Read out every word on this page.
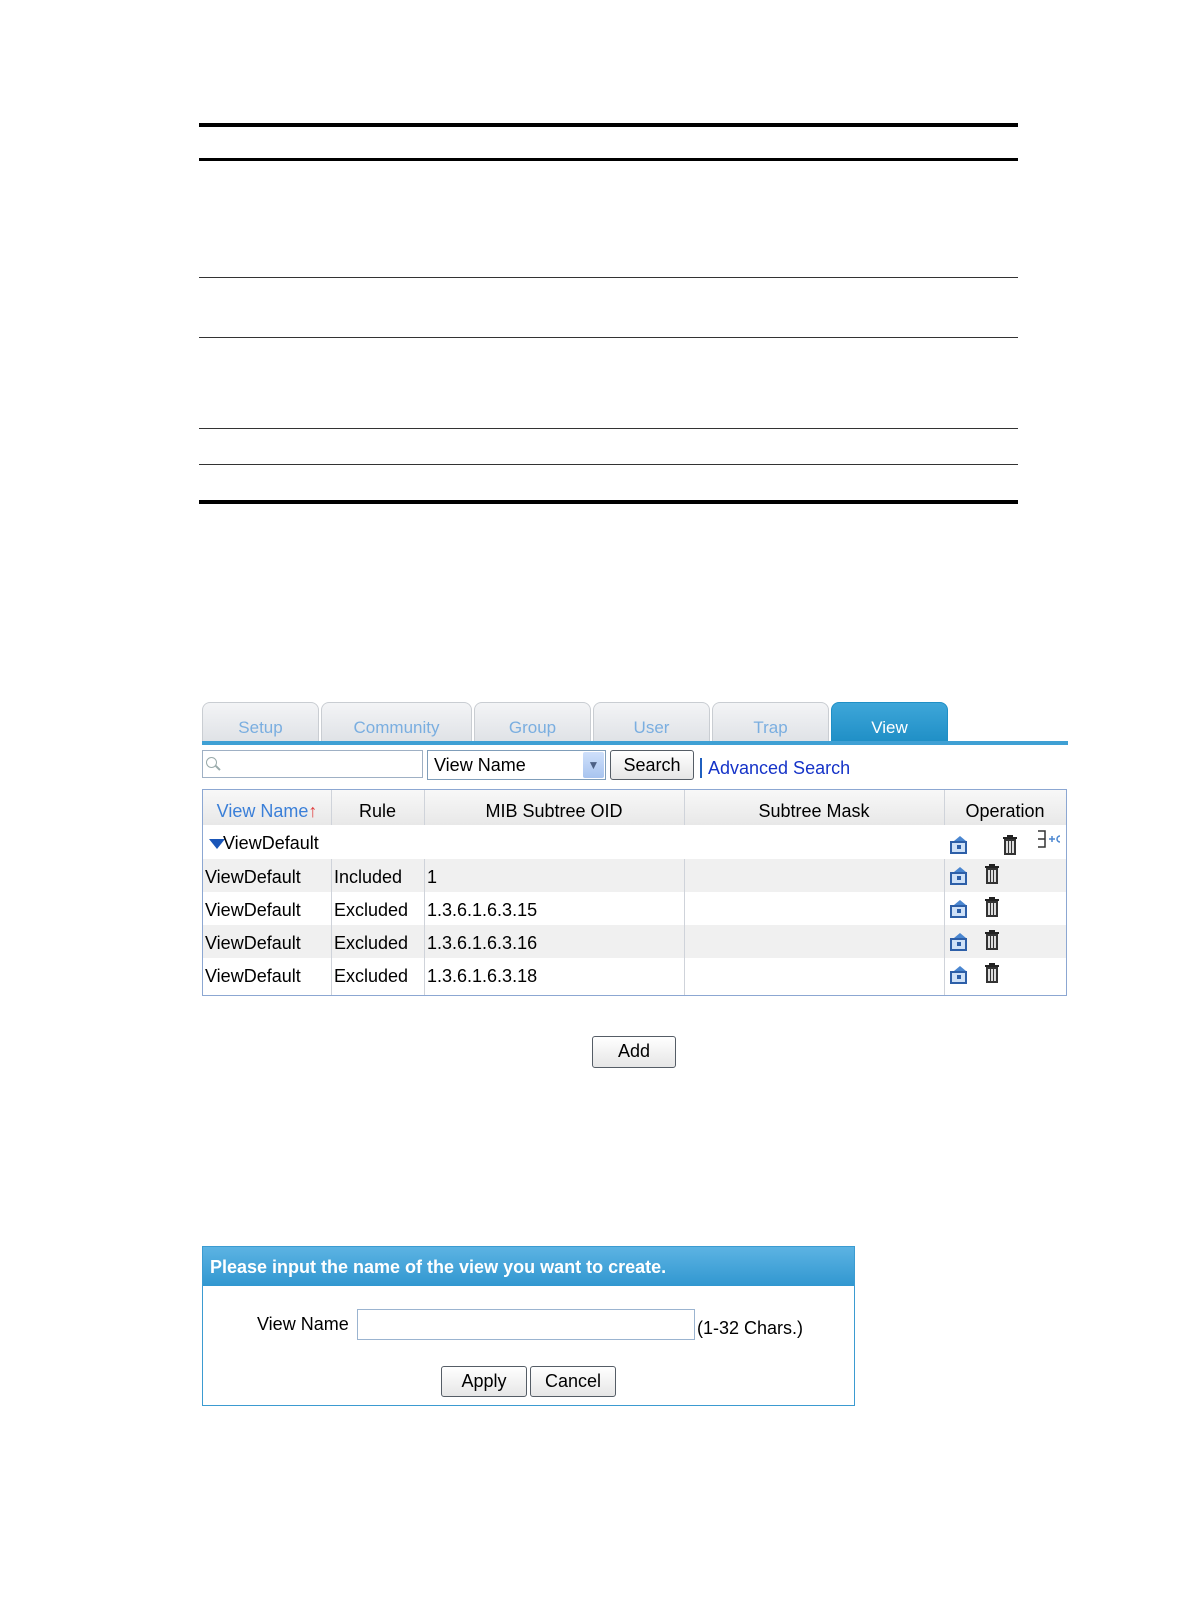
Setup	Community	Group	User	Trap	View
View Name	▼	Search	Advanced Search
View Name↑	Rule	MIB Subtree OID	Subtree Mask	Operation
ViewDefault
ViewDefault Included 1
ViewDefault Excluded 1.3.6.1.6.3.15
ViewDefault Excluded 1.3.6.1.6.3.16
ViewDefault Excluded 1.3.6.1.6.3.18
Add
Please input the name of the view you want to create.
View Name	(1-32 Chars.)
Apply	Cancel
